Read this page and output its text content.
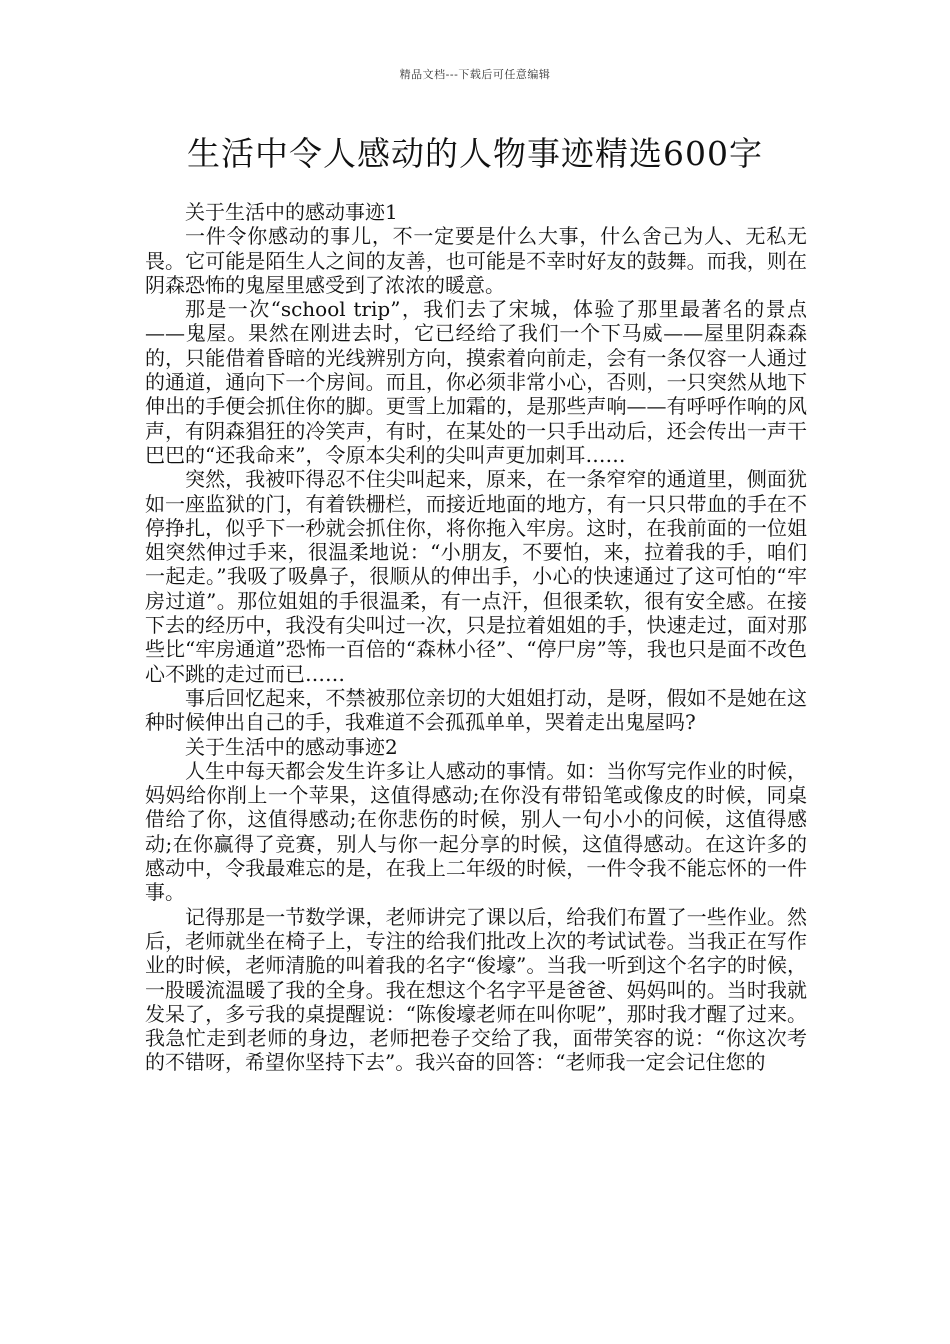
精品文档---下载后可任意编辑
生活中令人感动的人物事迹精选600字

关于生活中的感动事迹1

一件令你感动的事儿，不一定要是什么大事，什么舍己为人、无私无畏。它可能是陌生人之间的友善，也可能是不幸时好友的鼓舞。而我，则在阴森恐怖的鬼屋里感受到了浓浓的暖意。

那是一次“school trip”，我们去了宋城，体验了那里最著名的景点——鬼屋。果然在刚进去时，它已经给了我们一个下马威——屋里阴森森的，只能借着昏暗的光线辨别方向，摸索着向前走，会有一条仅容一人通过的通道，通向下一个房间。而且，你必须非常小心，否则，一只突然从地下伸出的手便会抓住你的脚。更雪上加霜的，是那些声响——有呼呼作响的风声，有阴森猖狂的冷笑声，有时，在某处的一只手出动后，还会传出一声干巴巴的“还我命来”，令原本尖利的尖叫声更加刺耳……

突然，我被吓得忍不住尖叫起来，原来，在一条窄窄的通道里，侧面犹如一座监狱的门，有着铁栅栏，而接近地面的地方，有一只只带血的手在不停挣扎，似乎下一秒就会抓住你，将你拖入牢房。这时，在我前面的一位姐姐突然伸过手来，很温柔地说：“小朋友，不要怕，来，拉着我的手，咱们一起走。”我吸了吸鼻子，很顺从的伸出手，小心的快速通过了这可怕的“牢房过道”。那位姐姐的手很温柔，有一点汗，但很柔软，很有安全感。在接下去的经历中，我没有尖叫过一次，只是拉着姐姐的手，快速走过，面对那些比“牢房通道”恐怖一百倍的“森林小径”、“停尸房”等，我也只是面不改色心不跳的走过而已……

事后回忆起来，不禁被那位亲切的大姐姐打动，是呀，假如不是她在这种时候伸出自己的手，我难道不会孤孤单单，哭着走出鬼屋吗?

关于生活中的感动事迹2

人生中每天都会发生许多让人感动的事情。如：当你写完作业的时候，妈妈给你削上一个苹果，这值得感动;在你没有带铅笔或像皮的时候，同桌借给了你，这值得感动;在你悲伤的时候，别人一句小小的问候，这值得感动;在你赢得了竞赛，别人与你一起分享的时候，这值得感动。在这许多的感动中，令我最难忘的是，在我上二年级的时候，一件令我不能忘怀的一件事。

记得那是一节数学课，老师讲完了课以后，给我们布置了一些作业。然后，老师就坐在椅子上，专注的给我们批改上次的考试试卷。当我正在写作业的时候，老师清脆的叫着我的名字“俊壕”。当我一听到这个名字的时候，一股暖流温暖了我的全身。我在想这个名字平是爸爸、妈妈叫的。当时我就发呆了，多亏我的桌提醒说：“陈俊壕老师在叫你呢”，那时我才醒了过来。我急忙走到老师的身边，老师把卷子交给了我，面带笑容的说：“你这次考的不错呀，希望你坚持下去”。我兴奋的回答：“老师我一定会记住您的
